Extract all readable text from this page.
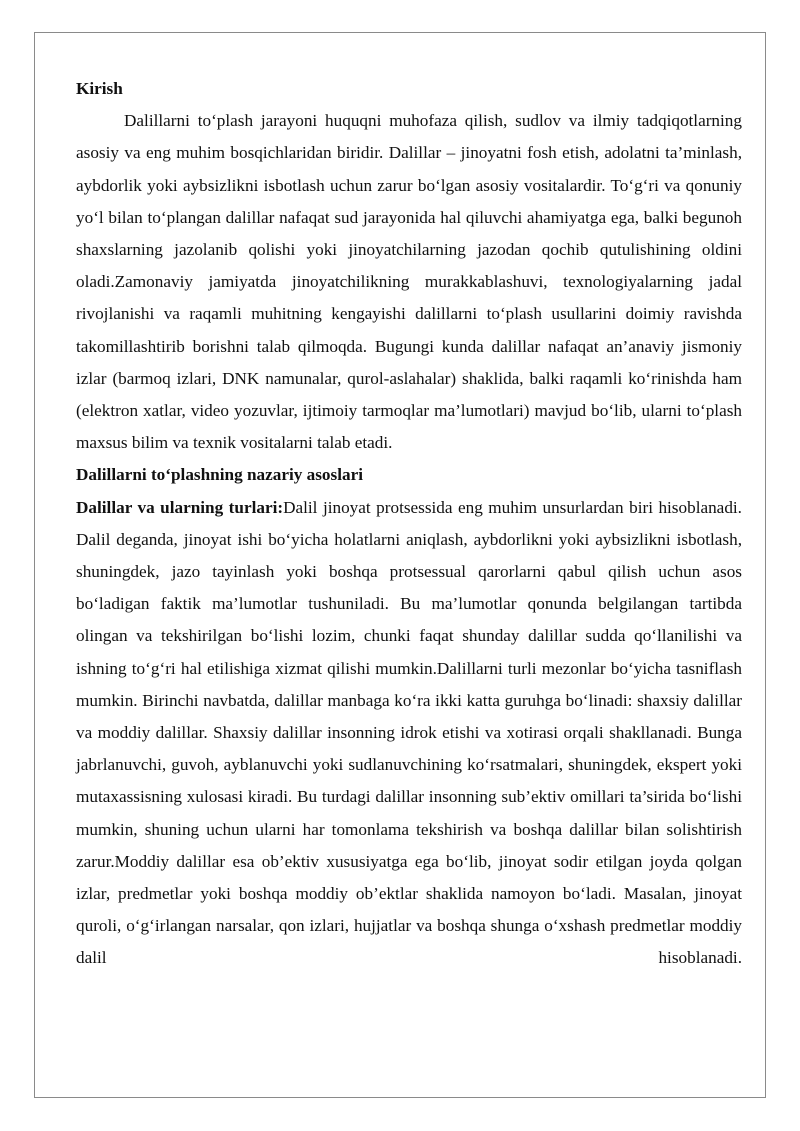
Kirish

Dalillarni to‘plash jarayoni huquqni muhofaza qilish, sudlov va ilmiy tadqiqotlarning asosiy va eng muhim bosqichlaridan biridir. Dalillar – jinoyatni fosh etish, adolatni ta’minlash, aybdorlik yoki aybsizlikni isbotlash uchun zarur bo‘lgan asosiy vositalardir. To‘g‘ri va qonuniy yo‘l bilan to‘plangan dalillar nafaqat sud jarayonida hal qiluvchi ahamiyatga ega, balki begunoh shaxslarning jazolanib qolishi yoki jinoyatchilarning jazodan qochib qutulishining oldini oladi.Zamonaviy jamiyatda jinoyatchilikning murakkablashuvi, texnologiyalarning jadal rivojlanishi va raqamli muhitning kengayishi dalillarni to‘plash usullarini doimiy ravishda takomillashtirib borishni talab qilmoqda. Bugungi kunda dalillar nafaqat an’anaviy jismoniy izlar (barmoq izlari, DNK namunalar, qurol-aslahalar) shaklida, balki raqamli ko‘rinishda ham (elektron xatlar, video yozuvlar, ijtimoiy tarmoqlar ma’lumotlari) mavjud bo‘lib, ularni to‘plash maxsus bilim va texnik vositalarni talab etadi.

Dalillarni to‘plashning nazariy asoslari

Dalillar va ularning turlari:Dalil jinoyat protsessida eng muhim unsurlardan biri hisoblanadi. Dalil deganda, jinoyat ishi bo‘yicha holatlarni aniqlash, aybdorlikni yoki aybsizlikni isbotlash, shuningdek, jazo tayinlash yoki boshqa protsessual qarorlarni qabul qilish uchun asos bo‘ladigan faktik ma’lumotlar tushuniladi. Bu ma’lumotlar qonunda belgilangan tartibda olingan va tekshirilgan bo‘lishi lozim, chunki faqat shunday dalillar sudda qo‘llanilishi va ishning to‘g‘ri hal etilishiga xizmat qilishi mumkin.Dalillarni turli mezonlar bo‘yicha tasniflash mumkin. Birinchi navbatda, dalillar manbaga ko‘ra ikki katta guruhga bo‘linadi: shaxsiy dalillar va moddiy dalillar. Shaxsiy dalillar insonning idrok etishi va xotirasi orqali shakllanadi. Bunga jabrlanuvchi, guvoh, ayblanuvchi yoki sudlanuvchining ko‘rsatmalari, shuningdek, ekspert yoki mutaxassisning xulosasi kiradi. Bu turdagi dalillar insonning sub’ektiv omillari ta’sirida bo‘lishi mumkin, shuning uchun ularni har tomonlama tekshirish va boshqa dalillar bilan solishtirish zarur.Moddiy dalillar esa ob’ektiv xususiyatga ega bo‘lib, jinoyat sodir etilgan joyda qolgan izlar, predmetlar yoki boshqa moddiy ob’ektlar shaklida namoyon bo‘ladi. Masalan, jinoyat quroli, o‘g‘irlangan narsalar, qon izlari, hujjatlar va boshqa shunga o‘xshash predmetlar moddiy dalil hisoblanadi.
